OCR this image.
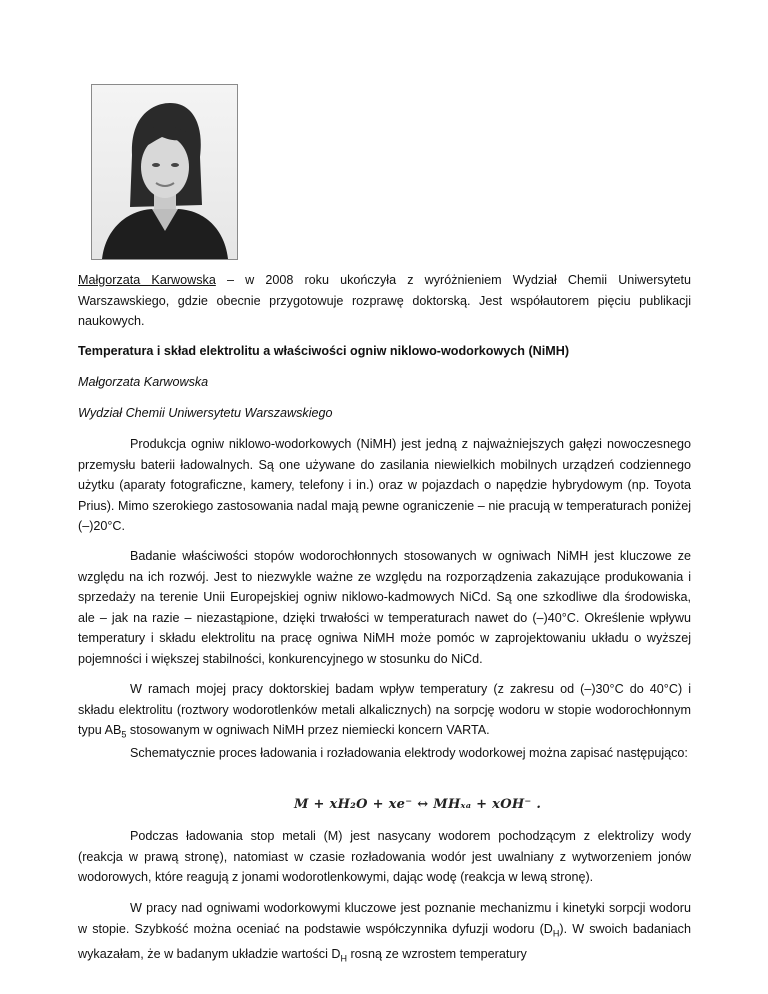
Małgorzata Karwowska – w 2008 roku ukończyła z wyróżnieniem Wydział Chemii Uniwersytetu Warszawskiego, gdzie obecnie przygotowuje rozprawę doktorską. Jest współautorem pięciu publikacji naukowych.

Temperatura i skład elektrolitu a właściwości ogniw niklowo-wodorkowych (NiMH)

Małgorzata Karwowska

Wydział Chemii Uniwersytetu Warszawskiego

Produkcja ogniw niklowo-wodorkowych (NiMH) jest jedną z najważniejszych gałęzi nowoczesnego przemysłu baterii ładowalnych. Są one używane do zasilania niewielkich mobilnych urządzeń codziennego użytku (aparaty fotograficzne, kamery, telefony i in.) oraz w pojazdach o napędzie hybrydowym (np. Toyota Prius). Mimo szerokiego zastosowania nadal mają pewne ograniczenie – nie pracują w temperaturach poniżej (–)20°C.

Badanie właściwości stopów wodorochłonnych stosowanych w ogniwach NiMH jest kluczowe ze względu na ich rozwój. Jest to niezwykle ważne ze względu na rozporządzenia zakazujące produkowania i sprzedaży na terenie Unii Europejskiej ogniw niklowo-kadmowych NiCd. Są one szkodliwe dla środowiska, ale – jak na razie – niezastąpione, dzięki trwałości w temperaturach nawet do (–)40°C. Określenie wpływu temperatury i składu elektrolitu na pracę ogniwa NiMH może pomóc w zaprojektowaniu układu o wyższej pojemności i większej stabilności, konkurencyjnego w stosunku do NiCd.

W ramach mojej pracy doktorskiej badam wpływ temperatury (z zakresu od (–)30°C do 40°C) i składu elektrolitu (roztwory wodorotlenków metali alkalicznych) na sorpcję wodoru w stopie wodorochłonnym typu $AB_5$ stosowanym w ogniwach NiMH przez niemiecki koncern VARTA.

Schematycznie proces ładowania i rozładowania elektrody wodorkowej można zapisać następująco:

M + xH₂O + xe⁻ ↔ MHₓₐ + xOH⁻ .

Podczas ładowania stop metali (M) jest nasycany wodorem pochodzącym z elektrolizy wody (reakcja w prawą stronę), natomiast w czasie rozładowania wodór jest uwalniany z wytworzeniem jonów wodorowych, które reagują z jonami wodorotlenkowymi, dając wodę (reakcja w lewą stronę).

W pracy nad ogniwami wodorkowymi kluczowe jest poznanie mechanizmu i kinetyki sorpcji wodoru w stopie. Szybkość można oceniać na podstawie współczynnika dyfuzji wodoru $(D_H)$. W swoich badaniach wykazałam, że w badanym układzie wartości $D_H$ rosną ze wzrostem temperatury
